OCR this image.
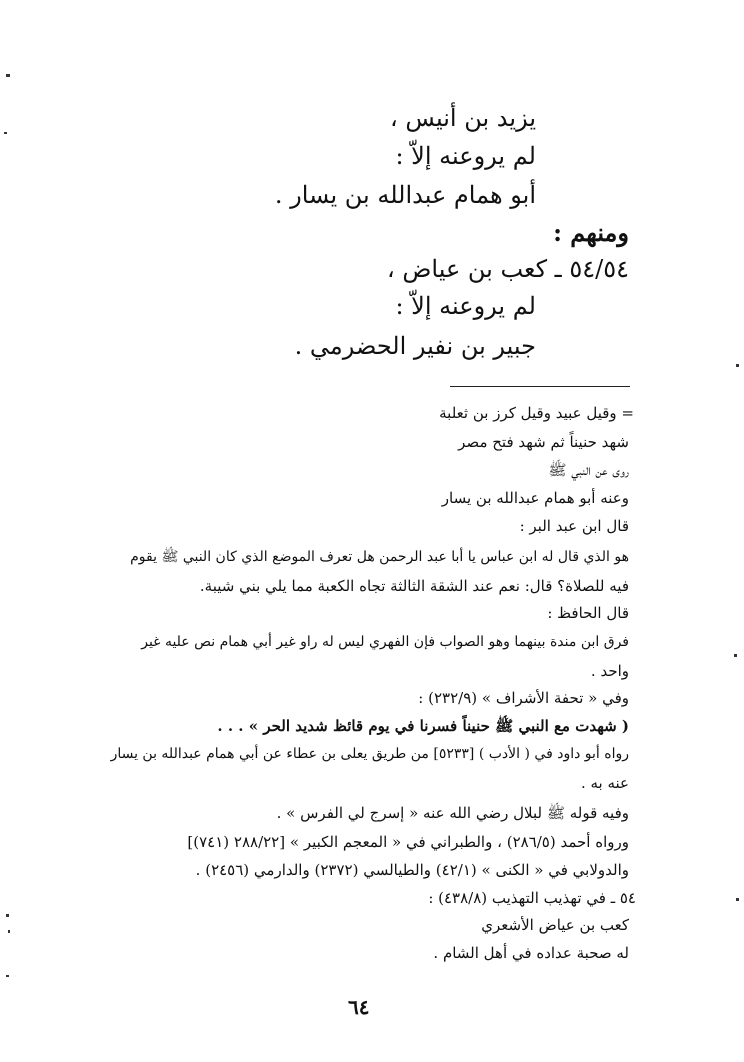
يزيد بن أنيس ،
لم يروعنه إلاّ :
أبو همام عبدالله بن يسار .
ومنهم :
٥٤/٥٤ ـ كعب بن عياض ،
لم يروعنه إلاّ :
جبير بن نفير الحضرمي .
= وقيل عبيد وقيل كرز بن ثعلبة
شهد حنيناً ثم شهد فتح مصر
روى عن النبي ﷺ
وعنه أبو همام عبدالله بن يسار
قال ابن عبد البر :
هو الذي قال له ابن عباس يا أبا عبد الرحمن هل تعرف الموضع الذي كان النبي ﷺ يقوم
فيه للصلاة؟ قال: نعم عند الشقة الثالثة تجاه الكعبة مما يلي بني شيبة.
قال الحافظ :
فرق ابن مندة بينهما وهو الصواب فإن الفهري ليس له راو غير أبي همام نص عليه غير
واحد .
وفي « تحفة الأشراف » (٢٣٢/٩) :
( شهدت مع النبي ﷺ حنيناً فسرنا في يوم قائظ شديد الحر » . . .
رواه أبو داود في ( الأدب ) [٥٢٣٣] من طريق يعلى بن عطاء عن أبي همام عبدالله بن يسار
عنه به .
وفيه قوله ﷺ لبلال رضي الله عنه « إسرج لي الفرس » .
ورواه أحمد (٢٨٦/٥) ، والطبراني في « المعجم الكبير » [٢٨٨/٢٢ (٧٤١)]
والدولابي في « الكنى » (٤٢/١) والطيالسي (٢٣٧٢) والدارمي (٢٤٥٦) .
٥٤ ـ في تهذيب التهذيب (٤٣٨/٨) :
كعب بن عياض الأشعري
له صحبة عداده في أهل الشام .
٦٤
